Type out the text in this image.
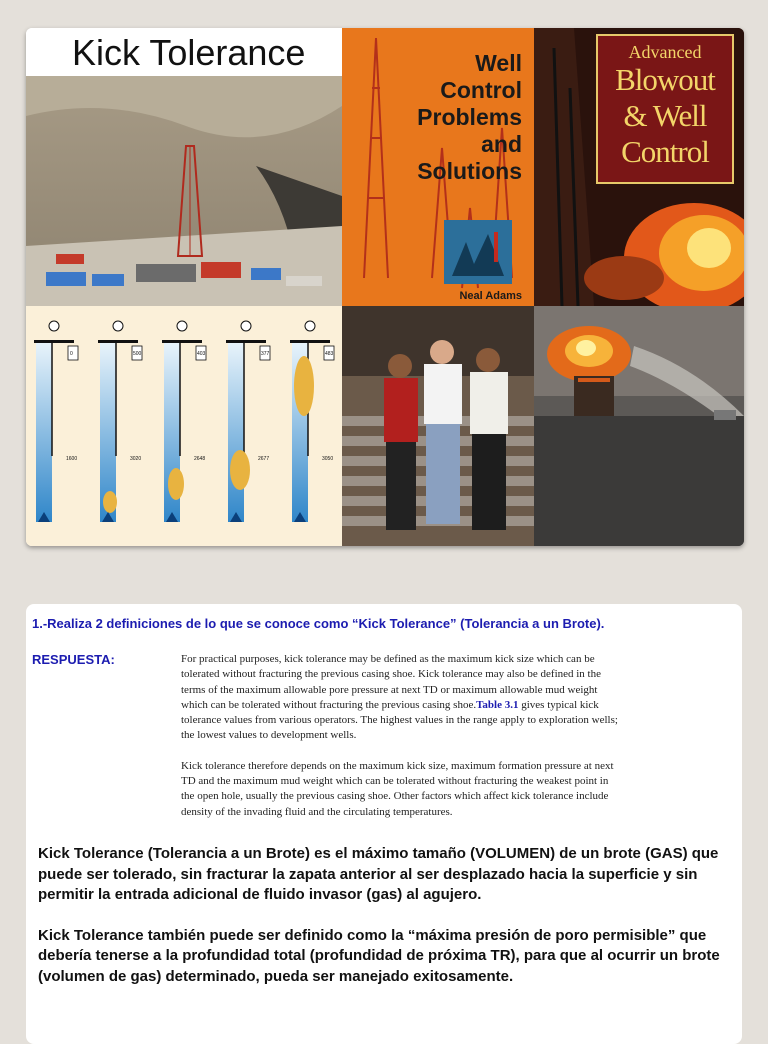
Kick Tolerance	Well
Control
Problems
and
Solutions
Neal Adams
Advanced
Blowout
& Well
Control
1600	3020	2648	2677	3050
0	500	403	377	483
1.-Realiza 2 definiciones de lo que se conoce como “Kick Tolerance” (Tolerancia a un Brote).
RESPUESTA:	For practical purposes, kick tolerance may be defined as the maximum kick size which can be tolerated without fracturing the previous casing shoe. Kick tolerance may also be defined in the terms of the maximum allowable pore pressure at next TD or maximum allowable mud weight which can be tolerated without fracturing the previous casing shoe.Table 3.1 gives typical kick tolerance values from various operators. The highest values in the range apply to exploration wells; the lowest values to development wells.

Kick tolerance therefore depends on the maximum kick size, maximum formation pressure at next TD and the maximum mud weight which can be tolerated without fracturing the weakest point in the open hole, usually the previous casing shoe. Other factors which affect kick tolerance include density of the invading fluid and the circulating temperatures.

Kick Tolerance (Tolerancia a un Brote) es el máximo tamaño (VOLUMEN) de un brote (GAS) que puede ser tolerado, sin fracturar la zapata anterior al ser desplazado hacia la superficie y sin permitir la entrada adicional de fluido invasor (gas) al agujero.

Kick Tolerance también puede ser definido como la “máxima presión de poro permisible” que debería tenerse a la profundidad total (profundidad de próxima TR), para que al ocurrir un brote (volumen de gas) determinado, pueda ser manejado exitosamente.
